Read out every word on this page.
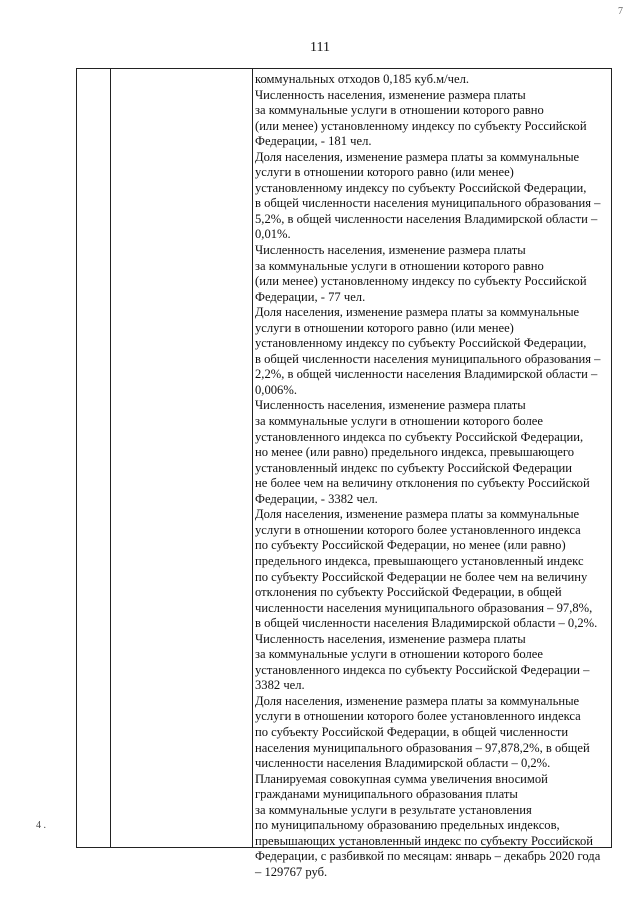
7
111
4 .
коммунальных отходов 0,185 куб.м/чел.
Численность населения, изменение размера платы
за коммунальные услуги в отношении которого равно
(или менее) установленному индексу по субъекту Российской
Федерации, - 181 чел.
Доля населения, изменение размера платы за коммунальные
услуги в отношении которого равно (или менее)
установленному индексу по субъекту Российской Федерации,
в общей численности населения муниципального образования –
5,2%, в общей численности населения Владимирской области –
0,01%.
Численность населения, изменение размера платы
за коммунальные услуги в отношении которого равно
(или менее) установленному индексу по субъекту Российской
Федерации, - 77 чел.
Доля населения, изменение размера платы за коммунальные
услуги в отношении которого равно (или менее)
установленному индексу по субъекту Российской Федерации,
в общей численности населения муниципального образования –
2,2%, в общей численности населения Владимирской области –
0,006%.
Численность населения, изменение размера платы
за коммунальные услуги в отношении которого более
установленного индекса по субъекту Российской Федерации,
но менее (или равно) предельного индекса, превышающего
установленный индекс по субъекту Российской Федерации
не более чем на величину отклонения по субъекту Российской
Федерации, - 3382 чел.
Доля населения, изменение размера платы за коммунальные
услуги в отношении которого более установленного индекса
по субъекту Российской Федерации, но менее (или равно)
предельного индекса, превышающего установленный индекс
по субъекту Российской Федерации не более чем на величину
отклонения по субъекту Российской Федерации, в общей
численности населения муниципального образования – 97,8%,
в общей численности населения Владимирской области – 0,2%.
Численность населения, изменение размера платы
за коммунальные услуги в отношении которого более
установленного индекса по субъекту Российской Федерации –
3382 чел.
Доля населения, изменение размера платы за коммунальные
услуги в отношении которого более установленного индекса
по субъекту Российской Федерации, в общей численности
населения муниципального образования – 97,878,2%, в общей
численности населения Владимирской области – 0,2%.
Планируемая совокупная сумма увеличения вносимой
гражданами муниципального образования платы
за коммунальные услуги в результате установления
по муниципальному образованию предельных индексов,
превышающих установленный индекс по субъекту Российской
Федерации, с разбивкой по месяцам: январь – декабрь 2020 года
– 129767 руб.
